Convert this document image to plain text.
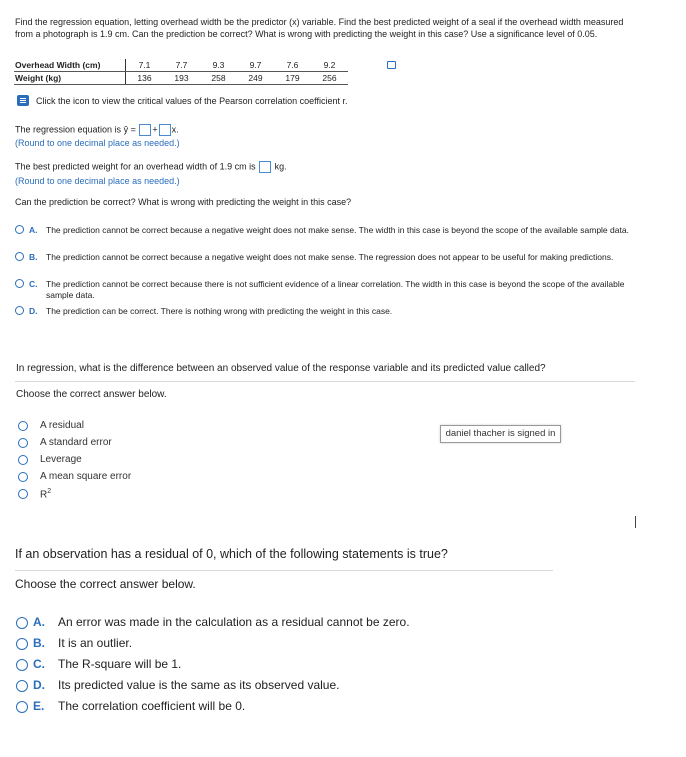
Find the regression equation, letting overhead width be the predictor (x) variable. Find the best predicted weight of a seal if the overhead width measured from a photograph is 1.9 cm. Can the prediction be correct? What is wrong with predicting the weight in this case? Use a significance level of 0.05.
Overhead Width (cm)	7.1	7.7	9.3	9.7	7.6	9.2
Weight (kg)	136	193	258	249	179	256
Click the icon to view the critical values of the Pearson correlation coefficient r.
The regression equation is ŷ = + x.
(Round to one decimal place as needed.)
The best predicted weight for an overhead width of 1.9 cm is kg.
(Round to one decimal place as needed.)
Can the prediction be correct? What is wrong with predicting the weight in this case?
A. The prediction cannot be correct because a negative weight does not make sense. The width in this case is beyond the scope of the available sample data.
B. The prediction cannot be correct because a negative weight does not make sense. The regression does not appear to be useful for making predictions.
C. The prediction cannot be correct because there is not sufficient evidence of a linear correlation. The width in this case is beyond the scope of the available sample data.
D. The prediction can be correct. There is nothing wrong with predicting the weight in this case.
In regression, what is the difference between an observed value of the response variable and its predicted value called?
Choose the correct answer below.
A residual
A standard error
Leverage
A mean square error
$R^2$
daniel thacher is signed in
If an observation has a residual of 0, which of the following statements is true?
Choose the correct answer below.
A. An error was made in the calculation as a residual cannot be zero.
B. It is an outlier.
C. The R-square will be 1.
D. Its predicted value is the same as its observed value.
E. The correlation coefficient will be 0.
